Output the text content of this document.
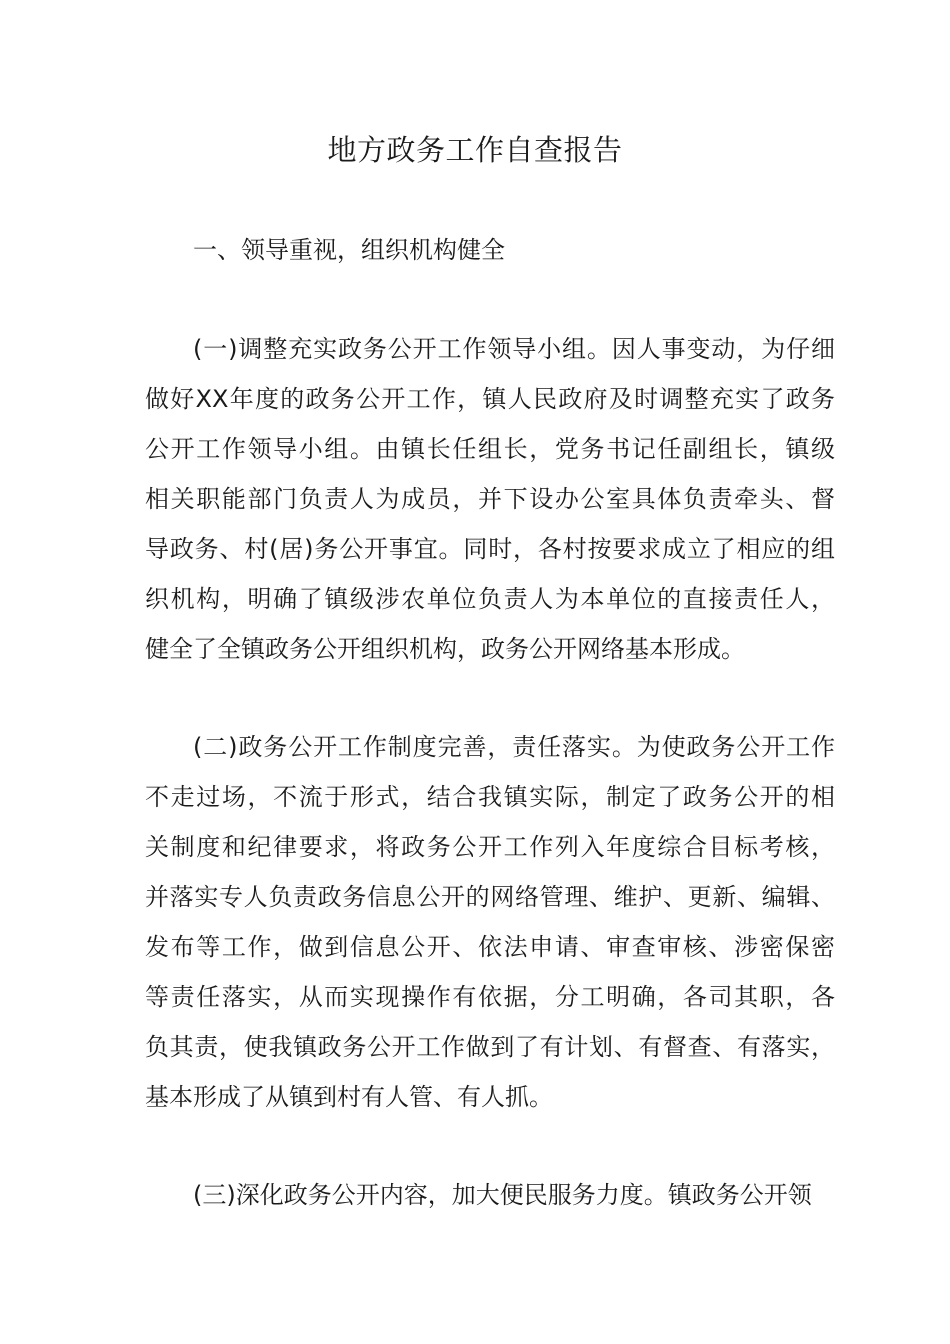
地方政务工作自查报告
一、领导重视，组织机构健全
(一)调整充实政务公开工作领导小组。因人事变动，为仔细
做好XX年度的政务公开工作，镇人民政府及时调整充实了政务
公开工作领导小组。由镇长任组长，党务书记任副组长，镇级
相关职能部门负责人为成员，并下设办公室具体负责牵头、督
导政务、村(居)务公开事宜。同时，各村按要求成立了相应的组
织机构，明确了镇级涉农单位负责人为本单位的直接责任人，
健全了全镇政务公开组织机构，政务公开网络基本形成。
(二)政务公开工作制度完善，责任落实。为使政务公开工作
不走过场，不流于形式，结合我镇实际，制定了政务公开的相
关制度和纪律要求，将政务公开工作列入年度综合目标考核，
并落实专人负责政务信息公开的网络管理、维护、更新、编辑、
发布等工作，做到信息公开、依法申请、审查审核、涉密保密
等责任落实，从而实现操作有依据，分工明确，各司其职，各
负其责，使我镇政务公开工作做到了有计划、有督查、有落实，
基本形成了从镇到村有人管、有人抓。
(三)深化政务公开内容，加大便民服务力度。镇政务公开领
